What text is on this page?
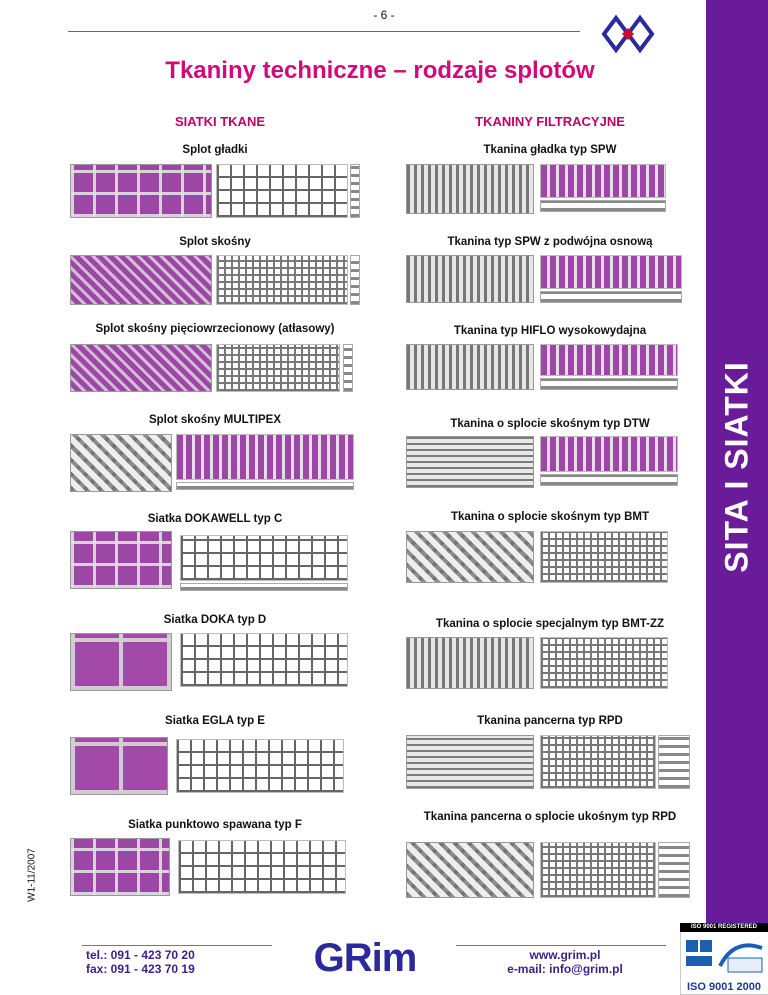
- 6 -
SITA I SIATKI
Tkaniny techniczne – rodzaje splotów
SIATKI TKANE	TKANINY FILTRACYJNE
Splot gładki
Splot skośny
Splot skośny pięciowrzecionowy (atłasowy)
Splot skośny MULTIPEX
Siatka DOKAWELL typ C
Siatka DOKA typ D
Siatka EGLA typ E
Siatka punktowo spawana typ F
Tkanina gładka typ SPW
Tkanina typ SPW z podwójna osnową
Tkanina typ HIFLO wysokowydajna
Tkanina o splocie skośnym typ DTW
Tkanina o splocie skośnym typ BMT
Tkanina o splocie specjalnym typ BMT-ZZ
Tkanina pancerna typ RPD
Tkanina pancerna o splocie ukośnym typ RPD
W1-11/2007
tel.: 091 - 423 70 20
fax: 091 - 423 70 19	GRim	www.grim.pl
e-mail: info@grim.pl
ISO 9001 REGISTERED
ISO 9001 2000
